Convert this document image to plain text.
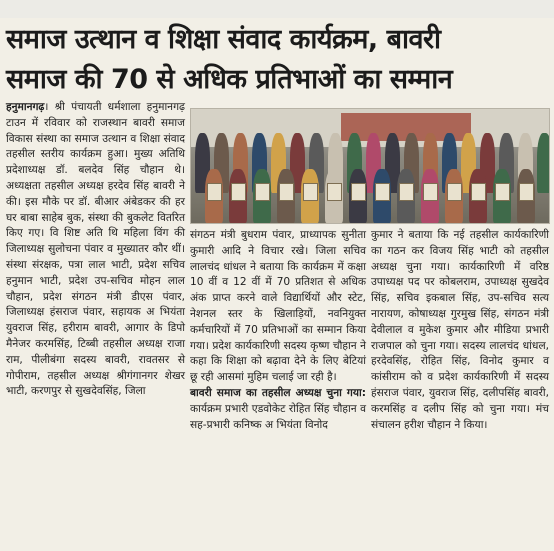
समाज उत्थान व शिक्षा संवाद कार्यक्रम, बावरी
समाज की 70 से अधिक प्रतिभाओं का सम्मान
हनुमानगढ़। श्री पंचायती धर्मशाला हनुमानगढ़ टाउन में रविवार को राजस्थान बावरी समाज विकास संस्था का समाज उत्थान व शिक्षा संवाद तहसील स्तरीय कार्यक्रम हुआ। मुख्य अतिथि प्रदेशाध्यक्ष डॉ. बलदेव सिंह चौहान थे। अध्यक्षता तहसील अध्यक्ष हरदेव सिंह बावरी ने की। इस मौके पर डॉ. बीआर अंबेडकर की हर घर बाबा साहेब बुक, संस्था की बुकलेट वितरित किए गए। वि शिष्ट अति थि महिला विंग की जिलाध्यक्ष सुलोचना पंवार व मुख्यातर कौर थीं। संस्था संरक्षक, पत्रा लाल भाटी, प्रदेश सचिव हनुमान भाटी, प्रदेश उप-सचिव मोहन लाल चौहान, प्रदेश संगठन मंत्री डीएस पंवार, जिलाध्यक्ष हंसराज पंवार, सहायक अ भियंता युवराज सिंह, हरीराम बावरी, आगार के डिपो मैनेजर करमसिंह, टिब्बी तहसील अध्यक्ष राजा राम, पीलीबंगा सदस्य बावरी, रावतसर से गोपीराम, तहसील अध्यक्ष श्रीगंगानगर शेखर भाटी, करणपुर से सुखदेवसिंह, जिला
संगठन मंत्री बुधराम पंवार, प्राध्यापक सुनीता कुमारी आदि ने विचार रखे। जिला सचिव लालचंद धांधल ने बताया कि कार्यक्रम में कक्षा 10 वीं व 12 वीं में 70 प्रतिशत से अधिक अंक प्राप्त करने वाले विद्यार्थियों और स्टेट, नेशनल स्तर के खिलाड़ियों, नवनियुक्त कर्मचारियों में 70 प्रतिभाओं का सम्मान किया गया। प्रदेश कार्यकारिणी सदस्य कृष्ण चौहान ने कहा कि शिक्षा को बढ़ावा देने के लिए बेटियां छू रही आसमां मुहिम चलाई जा रही है।
बावरी समाज का तहसील अध्यक्ष चुना गया: कार्यक्रम प्रभारी एडवोकेट रोहित सिंह चौहान व सह-प्रभारी कनिष्क अ भियंता विनोद
कुमार ने बताया कि नई तहसील कार्यकारिणी का गठन कर विजय सिंह भाटी को तहसील अध्यक्ष चुना गया। कार्यकारिणी में वरिष्ठ उपाध्यक्ष पद पर कोबलराम, उपाध्यक्ष सुखदेव सिंह, सचिव इकबाल सिंह, उप-सचिव सत्य नारायण, कोषाध्यक्ष गुरमुख सिंह, संगठन मंत्री देवीलाल व मुकेश कुमार और मीडिया प्रभारी राजपाल को चुना गया। सदस्य लालचंद धांधल, हरदेवसिंह, रोहित सिंह, विनोद कुमार व कांसीराम को व प्रदेश कार्यकारिणी में सदस्य हंसराज पंवार, युवराज सिंह, दलीपसिंह बावरी, करमसिंह व दलीप सिंह को चुना गया। मंच संचालन हरीश चौहान ने किया।
